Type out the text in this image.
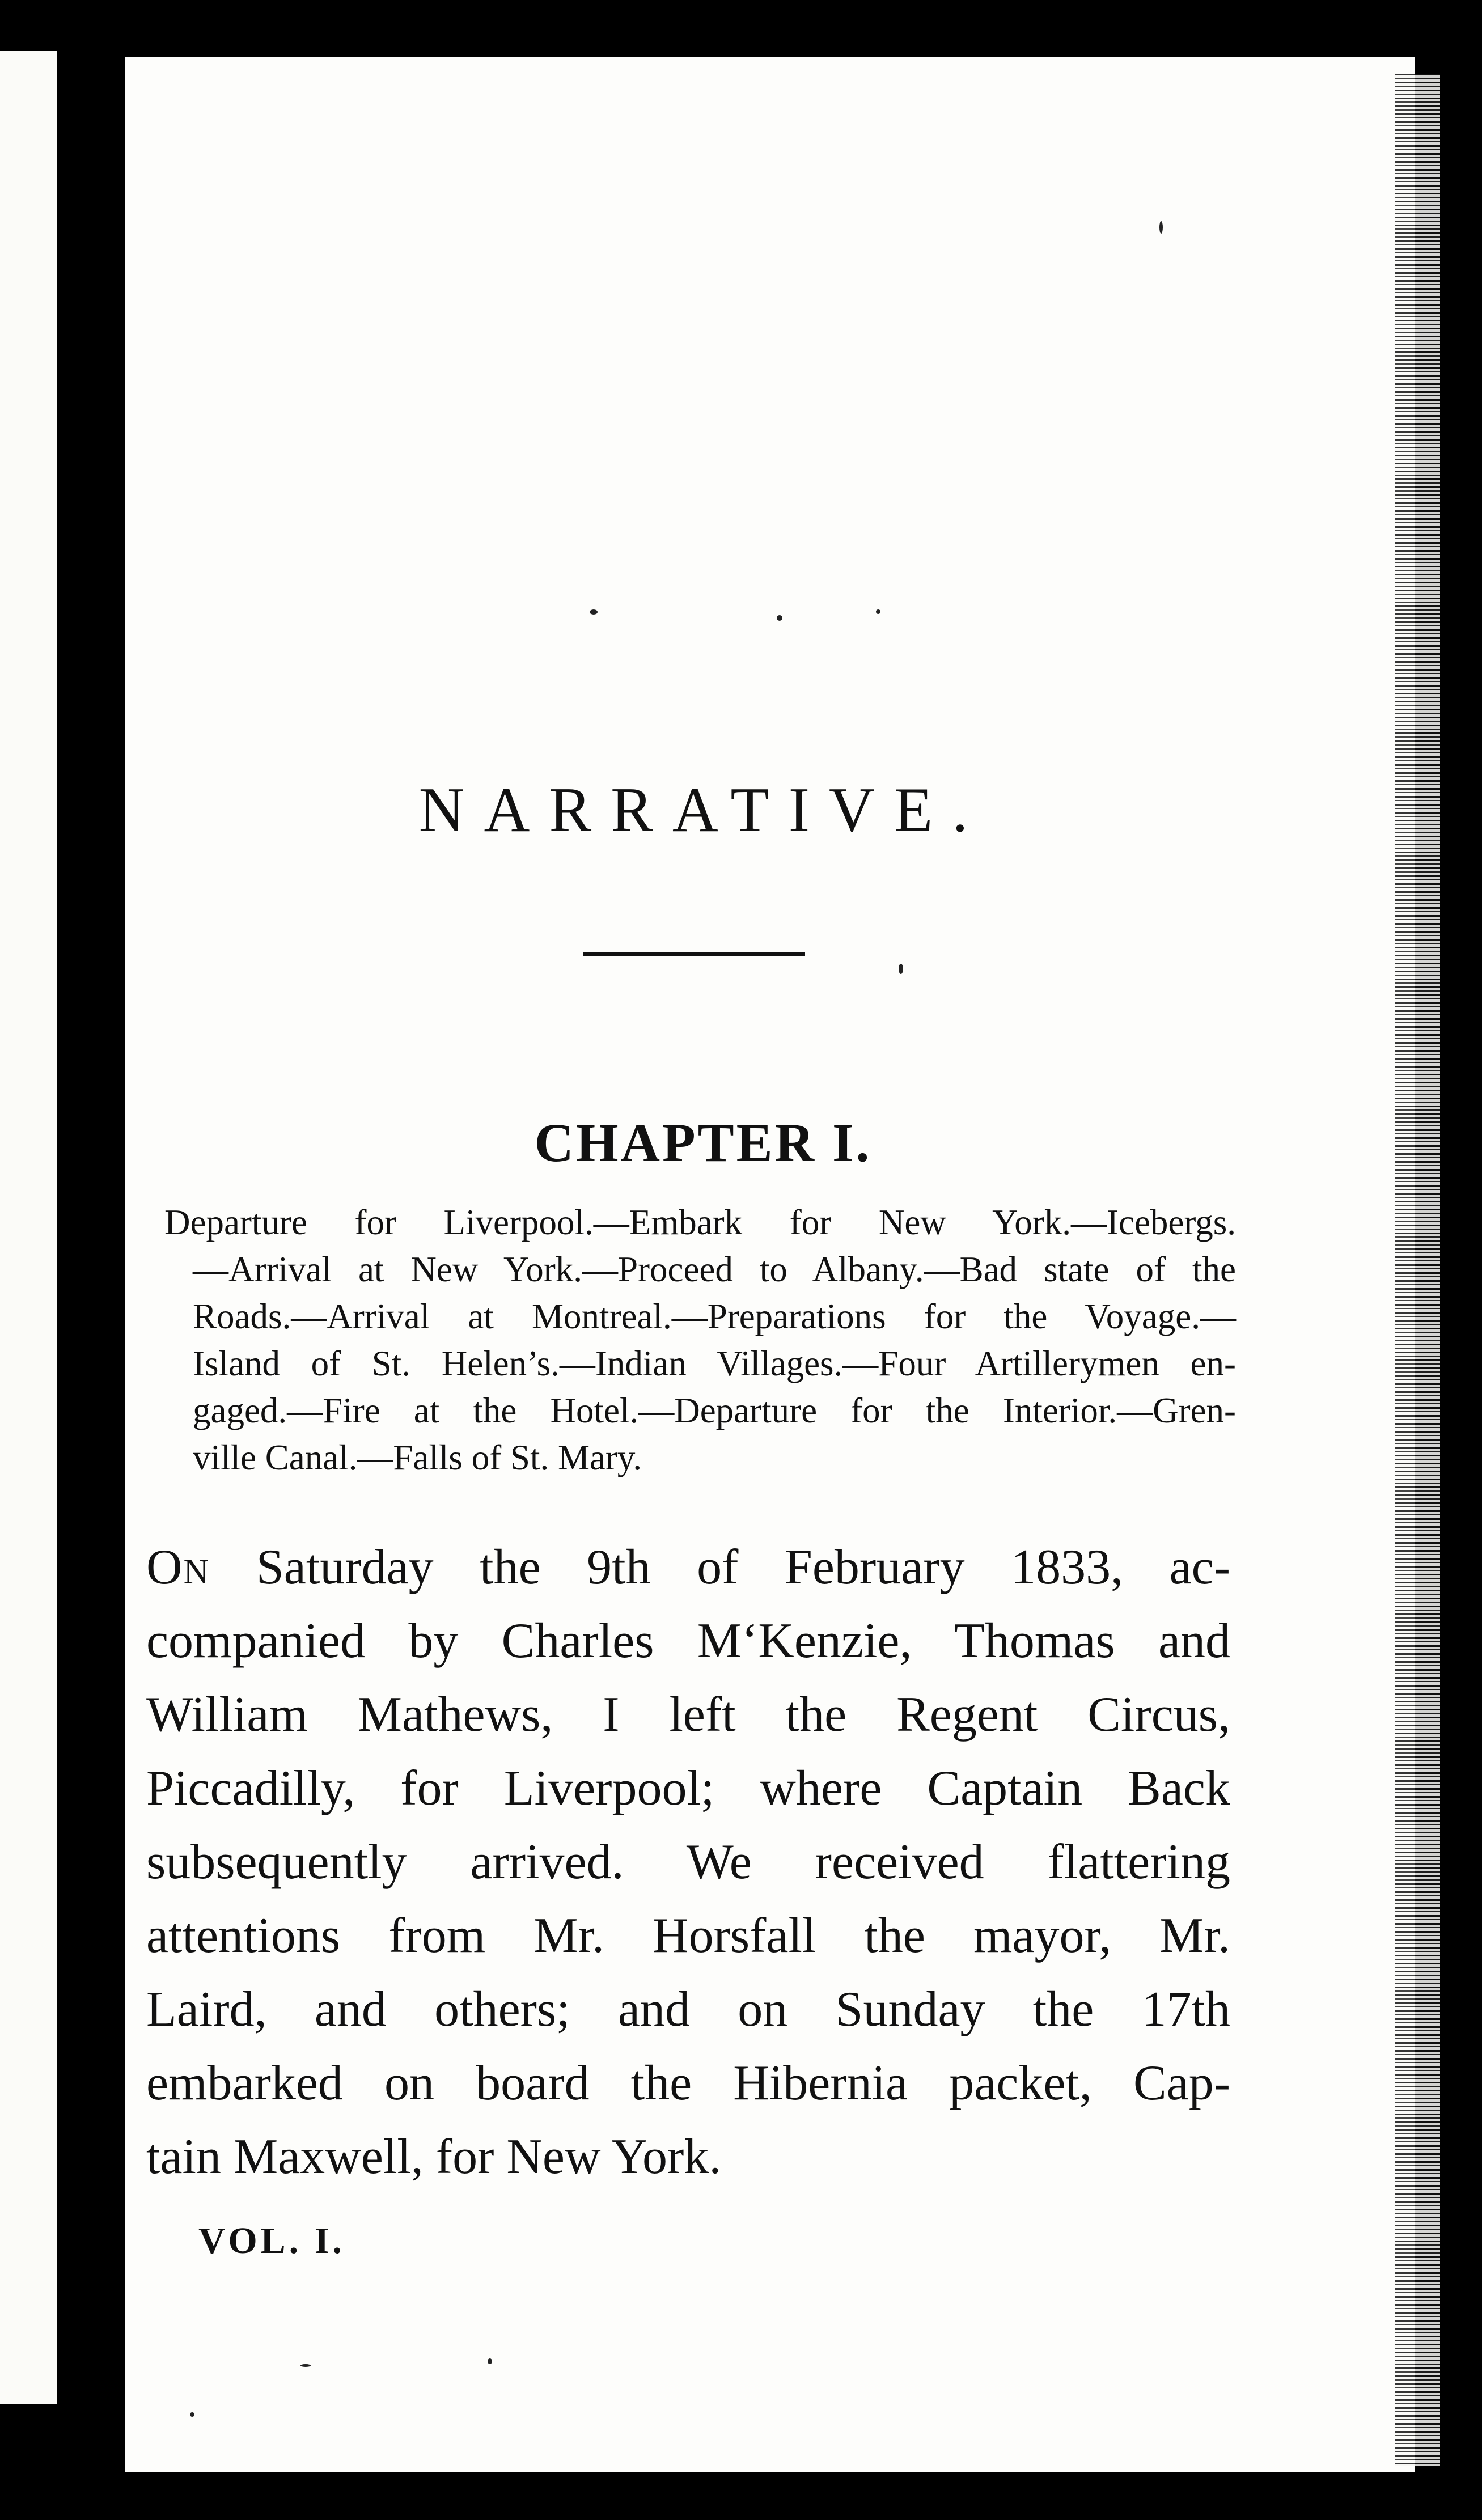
NARRATIVE.
CHAPTER I.
Departure for Liverpool.—Embark for New York.—Icebergs.
—Arrival at New York.—Proceed to Albany.—Bad state of the
Roads.—Arrival at Montreal.—Preparations for the Voyage.—
Island of St. Helen’s.—Indian Villages.—Four Artillerymen en-
gaged.—Fire at the Hotel.—Departure for the Interior.—Gren-
ville Canal.—Falls of St. Mary.
On Saturday the 9th of February 1833, ac-
companied by Charles M‘Kenzie, Thomas and
William Mathews, I left the Regent Circus,
Piccadilly, for Liverpool; where Captain Back
subsequently arrived. We received flattering
attentions from Mr. Horsfall the mayor, Mr.
Laird, and others; and on Sunday the 17th
embarked on board the Hibernia packet, Cap-
tain Maxwell, for New York.
VOL. I.
